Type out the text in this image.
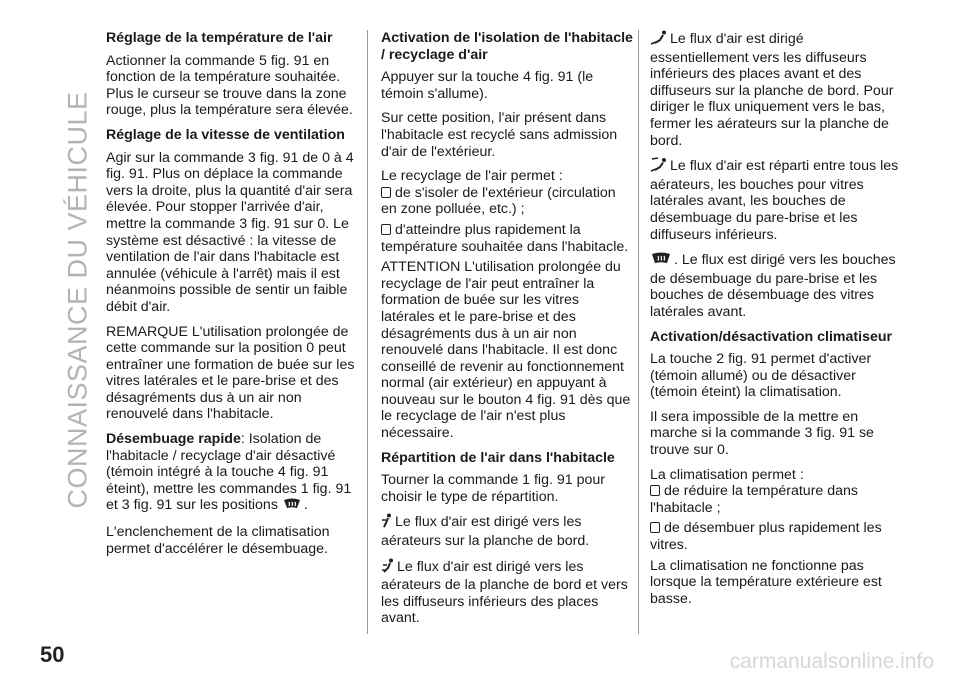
CONNAISSANCE DU VÉHICULE
Réglage de la température de l'air

Actionner la commande 5 fig. 91 en fonction de la température souhaitée. Plus le curseur se trouve dans la zone rouge, plus la température sera élevée.

Réglage de la vitesse de ventilation

Agir sur la commande 3 fig. 91 de 0 à 4 fig. 91. Plus on déplace la commande vers la droite, plus la quantité d'air sera élevée. Pour stopper l'arrivée d'air, mettre la commande 3 fig. 91 sur 0. Le système est désactivé : la vitesse de ventilation de l'air dans l'habitacle est annulée (véhicule à l'arrêt) mais il est néanmoins possible de sentir un faible débit d'air.

REMARQUE L'utilisation prolongée de cette commande sur la position 0 peut entraîner une formation de buée sur les vitres latérales et le pare-brise et des désagréments dus à un air non renouvelé dans l'habitacle.

Désembuage rapide: Isolation de l'habitacle / recyclage d'air désactivé (témoin intégré à la touche 4 fig. 91 éteint), mettre les commandes 1 fig. 91 et 3 fig. 91 sur les positions .

L'enclenchement de la climatisation permet d'accélérer le désembuage.

Activation de l'isolation de l'habitacle / recyclage d'air

Appuyer sur la touche 4 fig. 91 (le témoin s'allume).

Sur cette position, l'air présent dans l'habitacle est recyclé sans admission d'air de l'extérieur.

Le recyclage de l'air permet :

de s'isoler de l'extérieur (circulation en zone polluée, etc.) ;
d'atteindre plus rapidement la température souhaitée dans l'habitacle.

ATTENTION L'utilisation prolongée du recyclage de l'air peut entraîner la formation de buée sur les vitres latérales et le pare-brise et des désagréments dus à un air non renouvelé dans l'habitacle. Il est donc conseillé de revenir au fonctionnement normal (air extérieur) en appuyant à nouveau sur le bouton 4 fig. 91 dès que le recyclage de l'air n'est plus nécessaire.

Répartition de l'air dans l'habitacle

Tourner la commande 1 fig. 91 pour choisir le type de répartition.

Le flux d'air est dirigé vers les aérateurs sur la planche de bord.

Le flux d'air est dirigé vers les aérateurs de la planche de bord et vers les diffuseurs inférieurs des places avant.

Le flux d'air est dirigé essentiellement vers les diffuseurs inférieurs des places avant et des diffuseurs sur la planche de bord. Pour diriger le flux uniquement vers le bas, fermer les aérateurs sur la planche de bord.

Le flux d'air est réparti entre tous les aérateurs, les bouches pour vitres latérales avant, les bouches de désembuage du pare-brise et les diffuseurs inférieurs.

. Le flux est dirigé vers les bouches de désembuage du pare-brise et les bouches de désembuage des vitres latérales avant.

Activation/désactivation climatiseur

La touche 2 fig. 91 permet d'activer (témoin allumé) ou de désactiver (témoin éteint) la climatisation.

Il sera impossible de la mettre en marche si la commande 3 fig. 91 se trouve sur 0.

La climatisation permet :

de réduire la température dans l'habitacle ;
de désembuer plus rapidement les vitres.

La climatisation ne fonctionne pas lorsque la température extérieure est basse.

50	carmanualsonline.info
